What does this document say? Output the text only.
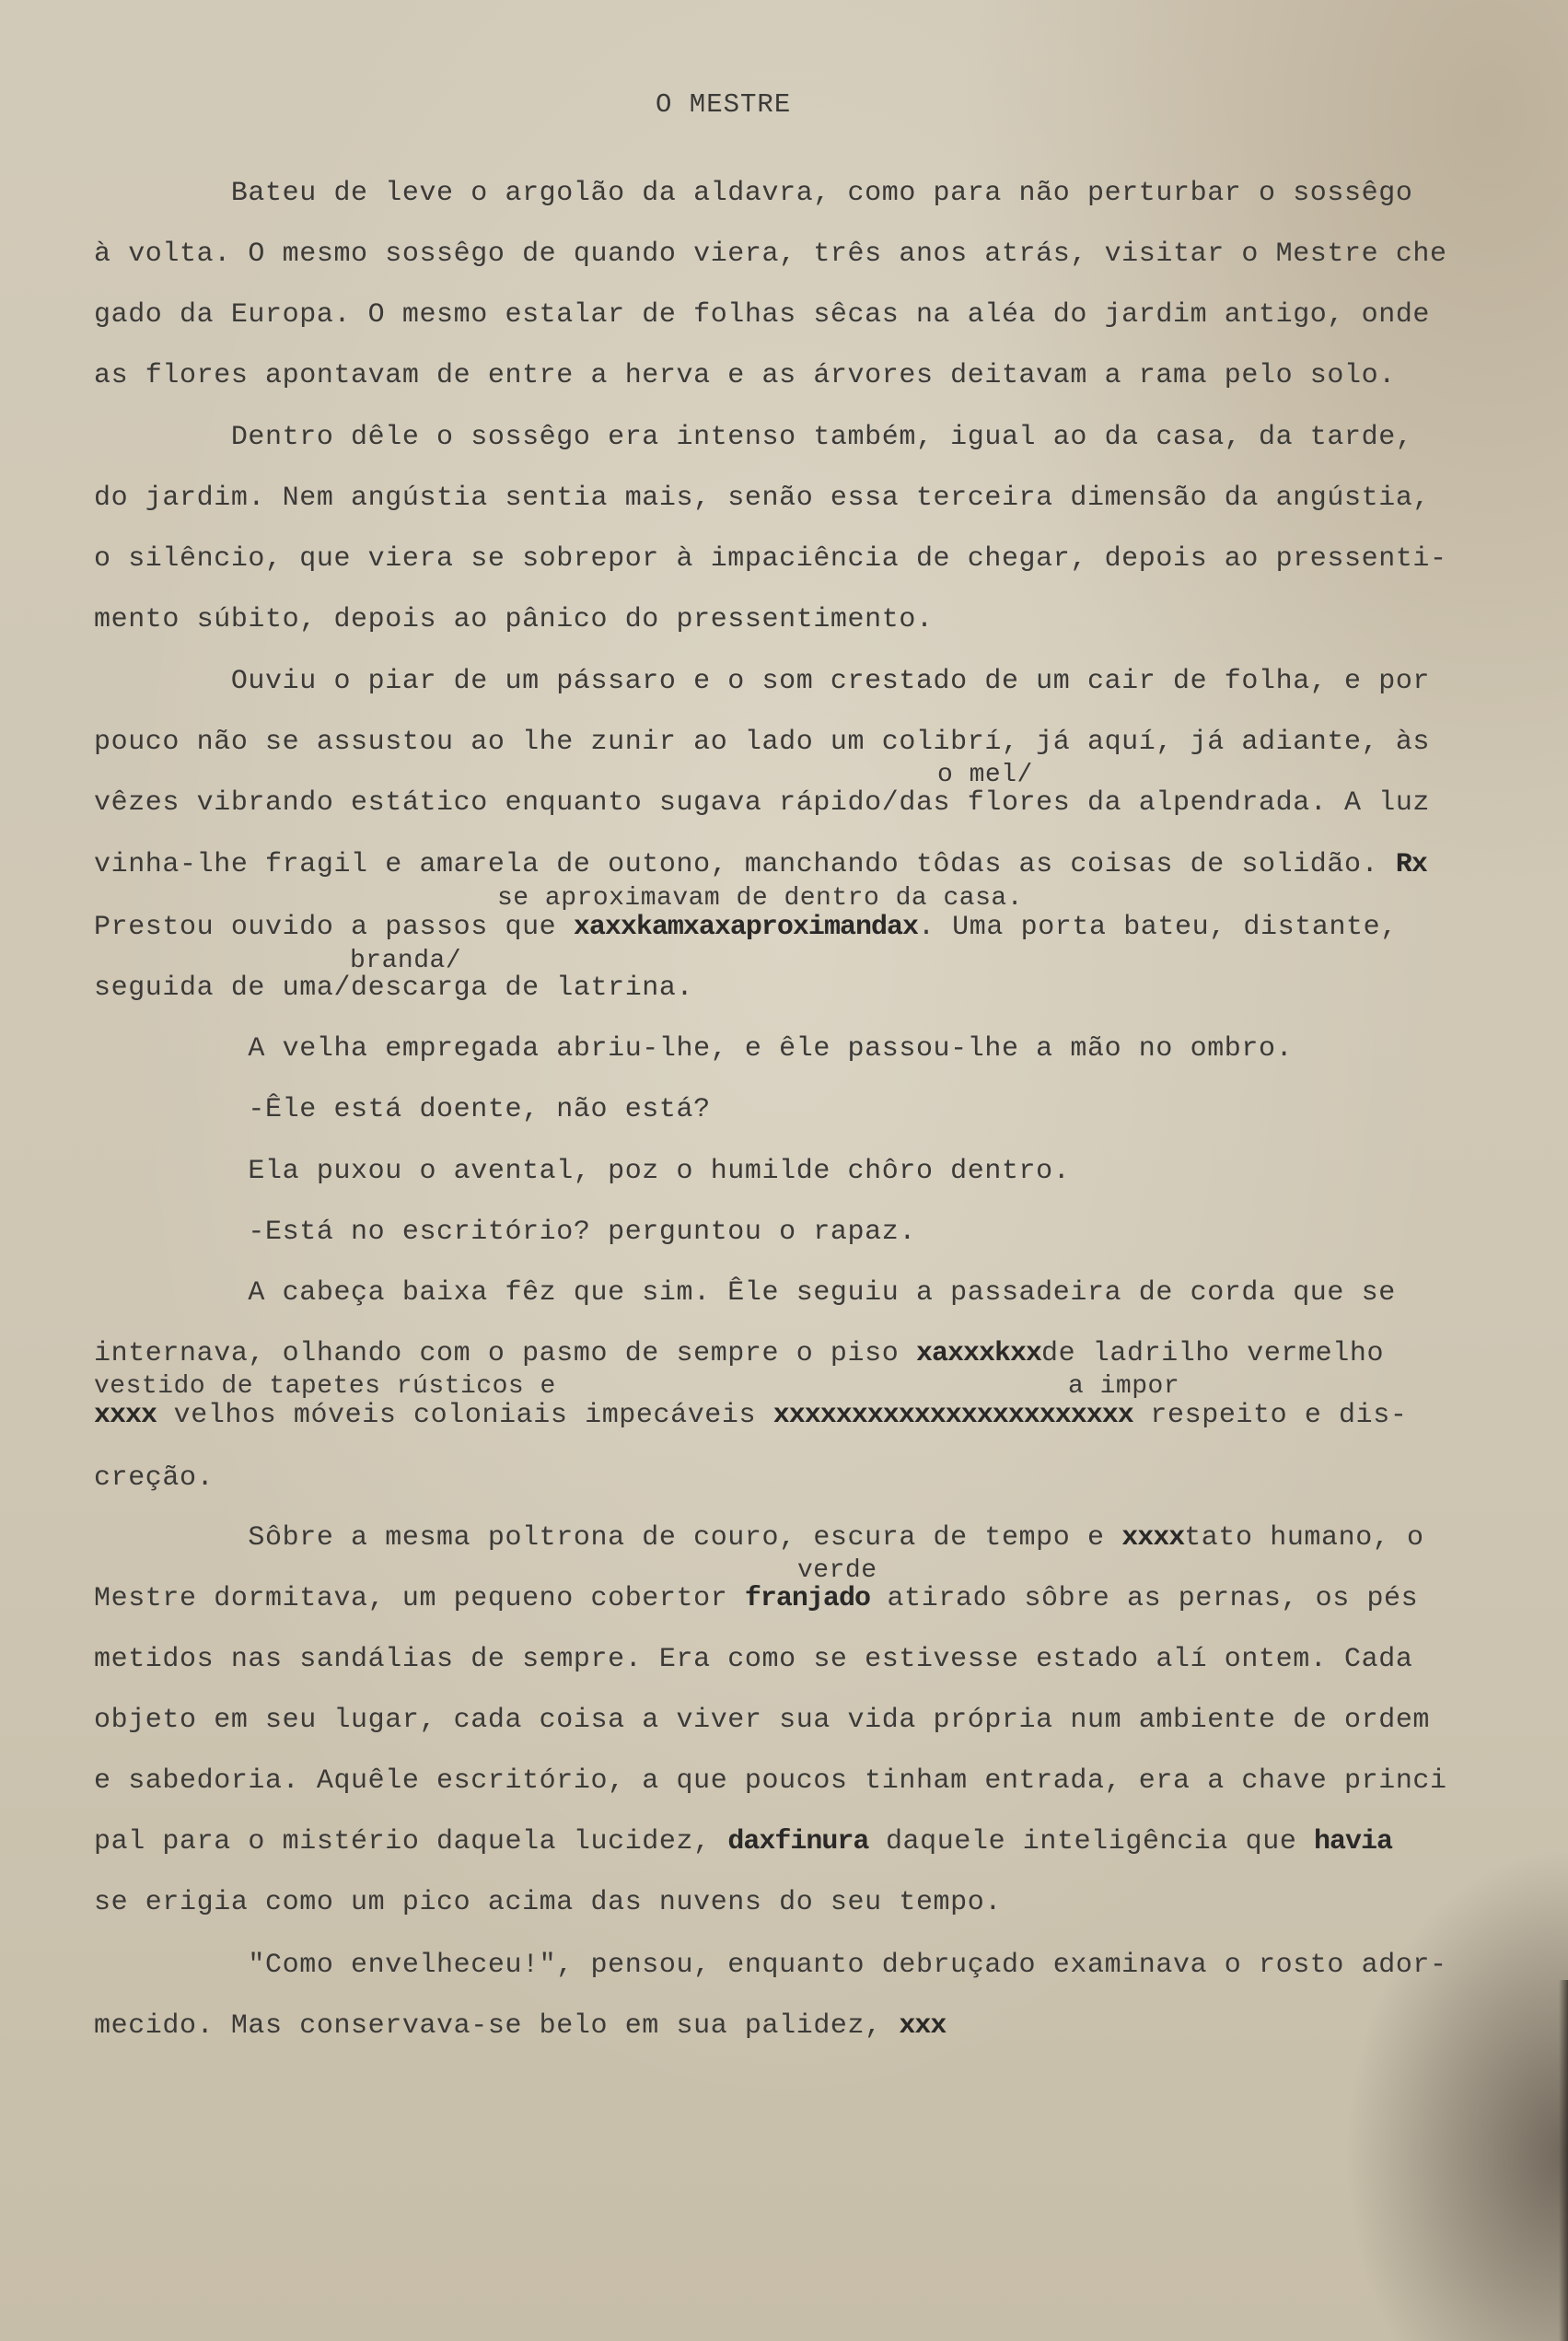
O MESTRE
Bateu de leve o argolão da aldavra, como para não perturbar o sossêgo
à volta. O mesmo sossêgo de quando viera, três anos atrás, visitar o Mestre che
gado da Europa. O mesmo estalar de folhas sêcas na aléa do jardim antigo, onde
as flores apontavam de entre a herva e as árvores deitavam a rama pelo solo.
Dentro dêle o sossêgo era intenso também, igual ao da casa, da tarde,
do jardim. Nem angústia sentia mais, senão essa terceira dimensão da angústia,
o silêncio, que viera se sobrepor à impaciência de chegar, depois ao pressenti-
mento súbito, depois ao pânico do pressentimento.
Ouviu o piar de um pássaro e o som crestado de um cair de folha, e por
pouco não se assustou ao lhe zunir ao lado um colibrí, já aquí, já adiante, às
o mel/
vêzes vibrando estático enquanto sugava rápido/das flores da alpendrada. A luz
vinha-lhe fragil e amarela de outono, manchando tôdas as coisas de solidão. Rx
se aproximavam de dentro da casa.
Prestou ouvido a passos que xaxxkamxaxaproximandax. Uma porta bateu, distante,
branda/
seguida de uma/descarga de latrina.
A velha empregada abriu-lhe, e êle passou-lhe a mão no ombro.
-Êle está doente, não está?
Ela puxou o avental, poz o humilde chôro dentro.
-Está no escritório? perguntou o rapaz.
A cabeça baixa fêz que sim. Êle seguiu a passadeira de corda que se
internava, olhando com o pasmo de sempre o piso xaxxxkxxde ladrilho vermelho
vestido de tapetes rústicos e	a impor
xxxx velhos móveis coloniais impecáveis xxxxxxxxxxxxxxxxxxxxxxx respeito e dis-
creção.
Sôbre a mesma poltrona de couro, escura de tempo e xxxxtato humano, o
verde
Mestre dormitava, um pequeno cobertor franjado atirado sôbre as pernas, os pés
metidos nas sandálias de sempre. Era como se estivesse estado alí ontem. Cada
objeto em seu lugar, cada coisa a viver sua vida própria num ambiente de ordem
e sabedoria. Aquêle escritório, a que poucos tinham entrada, era a chave princi
pal para o mistério daquela lucidez, daxfinura daquele inteligência que havia
se erigia como um pico acima das nuvens do seu tempo.
"Como envelheceu!", pensou, enquanto debruçado examinava o rosto ador-
mecido. Mas conservava-se belo em sua palidez, xxx
